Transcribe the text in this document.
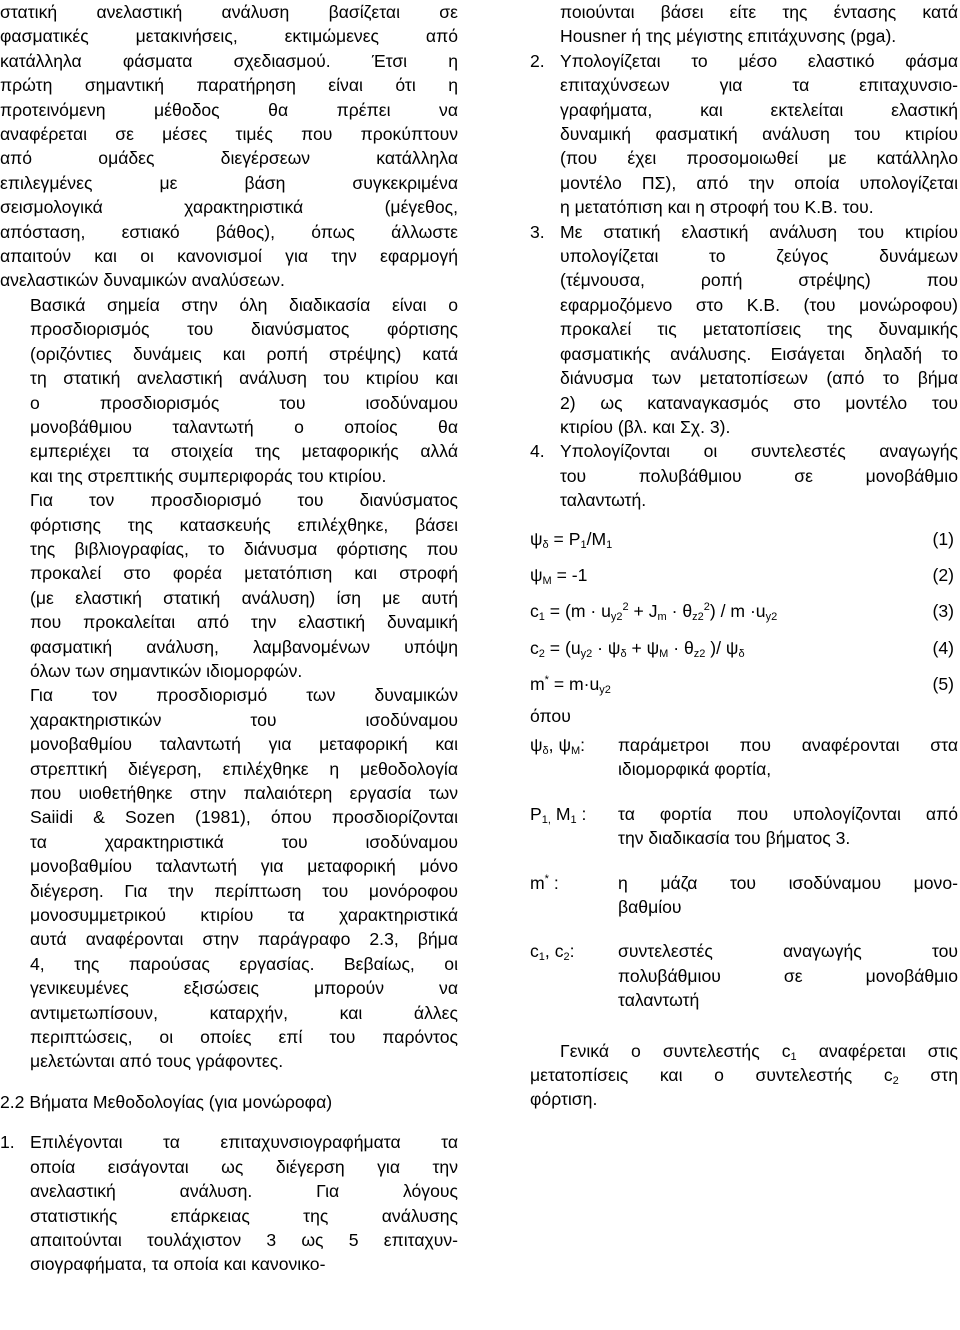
στατική ανελαστική ανάλυση βασίζεται σε
φασματικές μετακινήσεις, εκτιμώμενες από
κατάλληλα φάσματα σχεδιασμού. Έτσι η
πρώτη σημαντική παρατήρηση είναι ότι η
προτεινόμενη μέθοδος θα πρέπει να
αναφέρεται σε μέσες τιμές που προκύπτουν
από ομάδες διεγέρσεων κατάλληλα
επιλεγμένες με βάση συγκεκριμένα
σεισμολογικά χαρακτηριστικά (μέγεθος,
απόσταση, εστιακό βάθος), όπως άλλωστε
απαιτούν και οι κανονισμοί για την εφαρμογή
ανελαστικών δυναμικών αναλύσεων.

Βασικά σημεία στην όλη διαδικασία είναι ο
προσδιορισμός του διανύσματος φόρτισης
(οριζόντιες δυνάμεις και ροπή στρέψης) κατά
τη στατική ανελαστική ανάλυση του κτιρίου και
ο προσδιορισμός του ισοδύναμου
μονοβάθμιου ταλαντωτή ο οποίος θα
εμπεριέχει τα στοιχεία της μεταφορικής αλλά
και της στρεπτικής συμπεριφοράς του κτιρίου.

Για τον προσδιορισμό του διανύσματος
φόρτισης της κατασκευής επιλέχθηκε, βάσει
της βιβλιογραφίας, το διάνυσμα φόρτισης που
προκαλεί στο φορέα μετατόπιση και στροφή
(με ελαστική στατική ανάλυση) ίση με αυτή
που προκαλείται από την ελαστική δυναμική
φασματική ανάλυση, λαμβανομένων υπόψη
όλων των σημαντικών ιδιομορφών.

Για τον προσδιορισμό των δυναμικών
χαρακτηριστικών του ισοδύναμου
μονοβαθμίου ταλαντωτή για μεταφορική και
στρεπτική διέγερση, επιλέχθηκε η μεθοδολογία
που υιοθετήθηκε στην παλαιότερη εργασία των
Saiidi & Sozen (1981), όπου προσδιορίζονται
τα χαρακτηριστικά του ισοδύναμου
μονοβαθμίου ταλαντωτή για μεταφορική μόνο
διέγερση. Για την περίπτωση του μονόροφου
μονοσυμμετρικού κτιρίου τα χαρακτηριστικά
αυτά αναφέρονται στην παράγραφο 2.3, βήμα
4, της παρούσας εργασίας. Βεβαίως, οι
γενικευμένες εξισώσεις μπορούν να
αντιμετωπίσουν, καταρχήν, και άλλες
περιπτώσεις, οι οποίες επί του παρόντος
μελετώνται από τους γράφοντες.

2.2 Βήματα Μεθοδολογίας (για μονώροφα)

1. Επιλέγονται τα επιταχυνσιογραφήματα τα
οποία εισάγονται ως διέγερση για την
ανελαστική ανάλυση. Για λόγους
στατιστικής επάρκειας της ανάλυσης
απαιτούνται τουλάχιστον 3 ως 5 επιταχυν-
σιογραφήματα, τα οποία και κανονικο-
ποιούνται βάσει είτε της έντασης κατά
Housner ή της μέγιστης επιτάχυνσης (pga).
2. Υπολογίζεται το μέσο ελαστικό φάσμα
επιταχύνσεων για τα επιταχυνσιο-
γραφήματα, και εκτελείται ελαστική
δυναμική φασματική ανάλυση του κτιρίου
(που έχει προσομοιωθεί με κατάλληλο
μοντέλο ΠΣ), από την οποία υπολογίζεται
η μετατόπιση και η στροφή του Κ.Β. του.
3. Με στατική ελαστική ανάλυση του κτιρίου
υπολογίζεται το ζεύγος δυνάμεων
(τέμνουσα, ροπή στρέψης) που
εφαρμοζόμενο στο Κ.Β. (του μονώροφου)
προκαλεί τις μετατοπίσεις της δυναμικής
φασματικής ανάλυσης. Εισάγεται δηλαδή το
διάνυσμα των μετατοπίσεων (από το βήμα
2) ως καταναγκασμός στο μοντέλο του
κτιρίου (βλ. και Σχ. 3).
4. Υπολογίζονται οι συντελεστές αναγωγής
του πολυβάθμιου σε μονοβάθμιο
ταλαντωτή.
$\psi_\delta = P_1/M_1$	(1)
$\psi_M = -1$	(2)
$c_1 = (m \cdot u_{y2}^2 + J_m \cdot \theta_{z2}^2) / m \cdot u_{y2}$	(3)
$c_2 = (u_{y2} \cdot \psi_\delta + \psi_M \cdot \theta_{z2}$ )/ $\psi_\delta$	(4)
$m^* = m\cdot u_{y2}$	(5)

όπου

$\psi_\delta$, $\psi_M$:	παράμετροι που αναφέρονται στα
ιδιομορφικά φορτία,
$P_{1,}$ $M_1$ :	τα φορτία που υπολογίζονται από
την διαδικασία του βήματος 3.
m* :	η μάζα του ισοδύναμου μονο-
βαθμίου
$c_1$, $c_2$:	συντελεστές αναγωγής του
πολυβάθμιου σε μονοβάθμιο
ταλαντωτή

Γενικά ο συντελεστής $c_1$ αναφέρεται στις
μετατοπίσεις και ο συντελεστής $c_2$ στη
φόρτιση.
